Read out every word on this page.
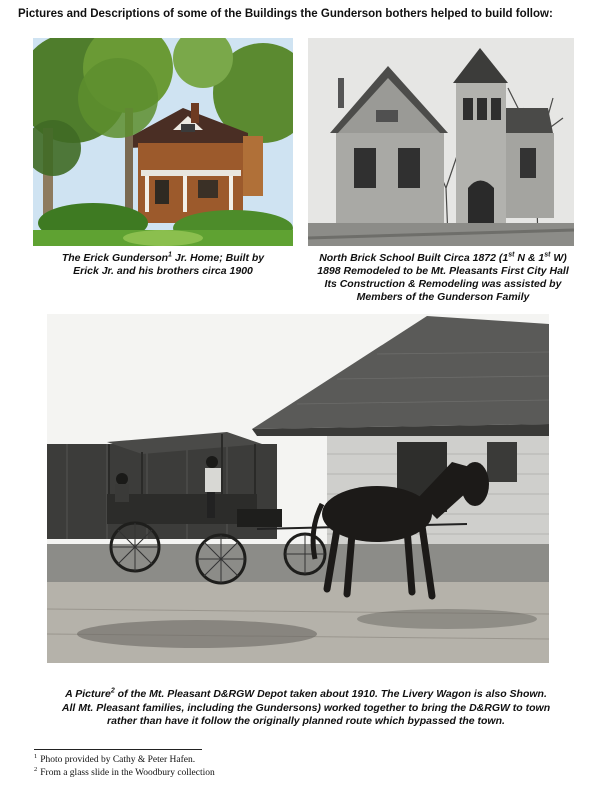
Pictures and Descriptions of some of the Buildings the Gunderson bothers helped to build follow:
The Erick Gunderson$^1$ Jr. Home; Built by
Erick Jr. and his brothers circa 1900
North Brick School Built Circa 1872 (1st N & 1st W)
1898 Remodeled to be Mt. Pleasants First City Hall
Its Construction & Remodeling was assisted by
Members of the Gunderson Family
A Picture$^2$ of the Mt. Pleasant D&RGW Depot taken about 1910. The Livery Wagon is also Shown.
All Mt. Pleasant families, including the Gundersons) worked together to bring the D&RGW to town
rather than have it follow the originally planned route which bypassed the town.
$^1$ Photo provided by Cathy & Peter Hafen.
$^2$ From a glass slide in the Woodbury collection
